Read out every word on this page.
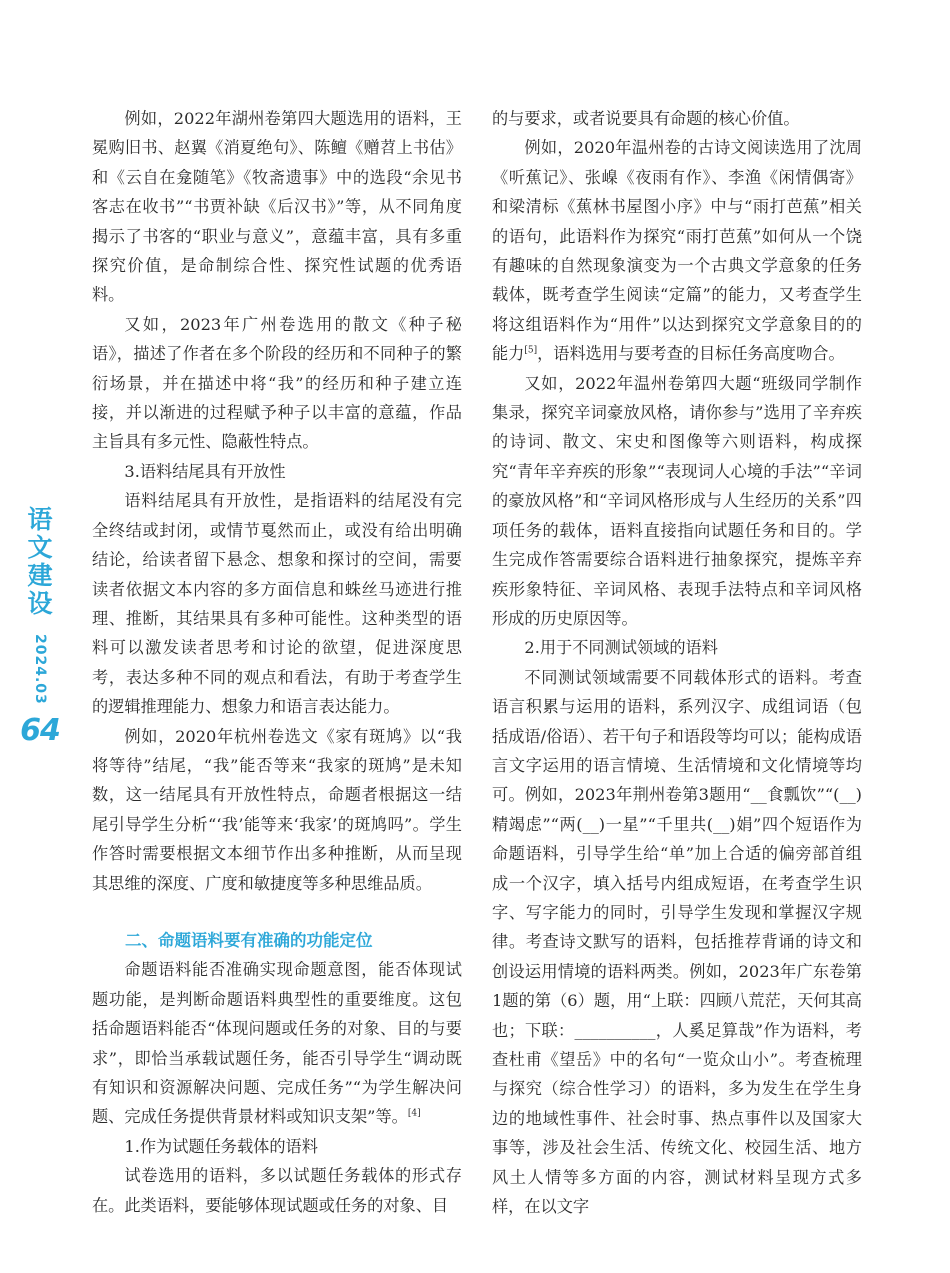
语
文
建
设
2024.03
64

例如，2022年湖州卷第四大题选用的语料，王冕购旧书、赵翼《消夏绝句》、陈鳣《赠苕上书估》和《云自在龛随笔》《牧斋遗事》中的选段“余见书客志在收书”“书贾补缺《后汉书》”等，从不同角度揭示了书客的“职业与意义”，意蕴丰富，具有多重探究价值，是命制综合性、探究性试题的优秀语料。

又如，2023年广州卷选用的散文《种子秘语》，描述了作者在多个阶段的经历和不同种子的繁衍场景，并在描述中将“我”的经历和种子建立连接，并以渐进的过程赋予种子以丰富的意蕴，作品主旨具有多元性、隐蔽性特点。

3.语料结尾具有开放性

语料结尾具有开放性，是指语料的结尾没有完全终结或封闭，或情节戛然而止，或没有给出明确结论，给读者留下悬念、想象和探讨的空间，需要读者依据文本内容的多方面信息和蛛丝马迹进行推理、推断，其结果具有多种可能性。这种类型的语料可以激发读者思考和讨论的欲望，促进深度思考，表达多种不同的观点和看法，有助于考查学生的逻辑推理能力、想象力和语言表达能力。

例如，2020年杭州卷选文《家有斑鸠》以“我将等待”结尾，“我”能否等来“我家的斑鸠”是未知数，这一结尾具有开放性特点，命题者根据这一结尾引导学生分析“‘我’能等来‘我家’的斑鸠吗”。学生作答时需要根据文本细节作出多种推断，从而呈现其思维的深度、广度和敏捷度等多种思维品质。

二、命题语料要有准确的功能定位

命题语料能否准确实现命题意图，能否体现试题功能，是判断命题语料典型性的重要维度。这包括命题语料能否“体现问题或任务的对象、目的与要求”，即恰当承载试题任务，能否引导学生“调动既有知识和资源解决问题、完成任务”“为学生解决问题、完成任务提供背景材料或知识支架”等。[4]

1.作为试题任务载体的语料

试卷选用的语料，多以试题任务载体的形式存在。此类语料，要能够体现试题或任务的对象、目

的与要求，或者说要具有命题的核心价值。

例如，2020年温州卷的古诗文阅读选用了沈周《听蕉记》、张嵲《夜雨有作》、李渔《闲情偶寄》和梁清标《蕉林书屋图小序》中与“雨打芭蕉”相关的语句，此语料作为探究“雨打芭蕉”如何从一个饶有趣味的自然现象演变为一个古典文学意象的任务载体，既考查学生阅读“定篇”的能力，又考查学生将这组语料作为“用件”以达到探究文学意象目的的能力[5]，语料选用与要考查的目标任务高度吻合。

又如，2022年温州卷第四大题“班级同学制作集录，探究辛词豪放风格，请你参与”选用了辛弃疾的诗词、散文、宋史和图像等六则语料，构成探究“青年辛弃疾的形象”“表现词人心境的手法”“辛词的豪放风格”和“辛词风格形成与人生经历的关系”四项任务的载体，语料直接指向试题任务和目的。学生完成作答需要综合语料进行抽象探究，提炼辛弃疾形象特征、辛词风格、表现手法特点和辛词风格形成的历史原因等。

2.用于不同测试领域的语料

不同测试领域需要不同载体形式的语料。考查语言积累与运用的语料，系列汉字、成组词语（包括成语/俗语）、若干句子和语段等均可以；能构成语言文字运用的语言情境、生活情境和文化情境等均可。例如，2023年荆州卷第3题用“__食瓢饮”“(__)精竭虑”“两(__)一星”“千里共(__)娟”四个短语作为命题语料，引导学生给“单”加上合适的偏旁部首组成一个汉字，填入括号内组成短语，在考查学生识字、写字能力的同时，引导学生发现和掌握汉字规律。考查诗文默写的语料，包括推荐背诵的诗文和创设运用情境的语料两类。例如，2023年广东卷第1题的第（6）题，用“上联：四顾八荒茫，天何其高也；下联：__________，人奚足算哉”作为语料，考查杜甫《望岳》中的名句“一览众山小”。考查梳理与探究（综合性学习）的语料，多为发生在学生身边的地域性事件、社会时事、热点事件以及国家大事等，涉及社会生活、传统文化、校园生活、地方风土人情等多方面的内容，测试材料呈现方式多样，在以文字
